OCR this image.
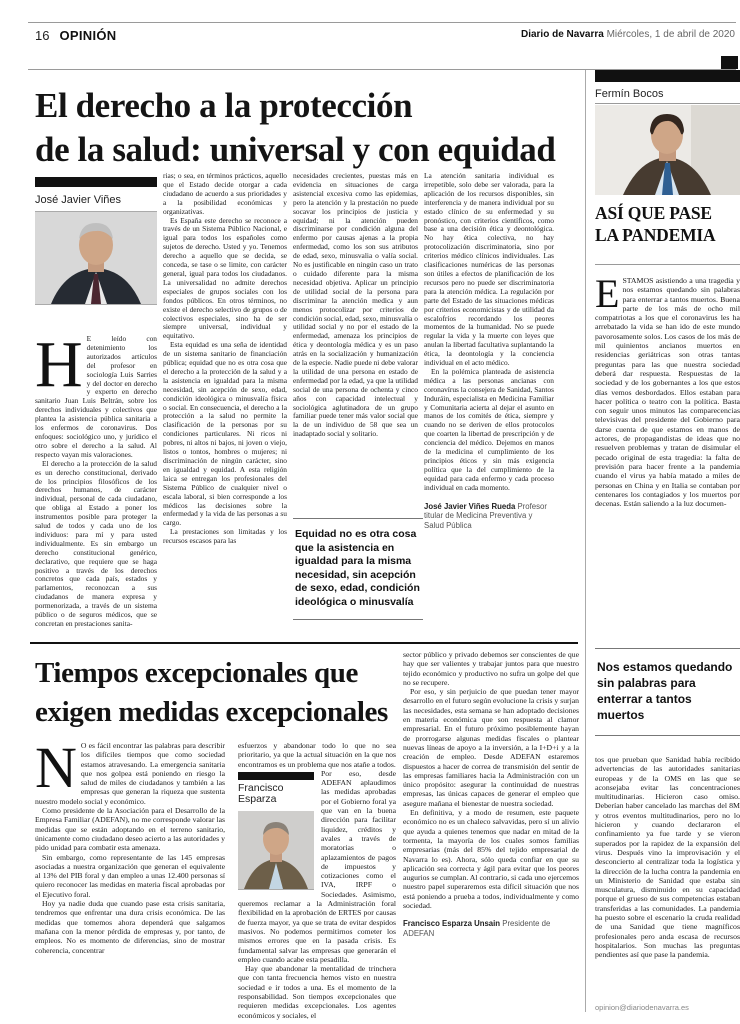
16 OPINIÓN	Diario de Navarra Miércoles, 1 de abril de 2020
El derecho a la protección
de la salud: universal y con equidad
José Javier Viñes
H E leído con detenimiento los autorizados artículos del profesor en sociología Luis Sarries y del doctor en derecho y experto en derecho sanitario Juan Luis Beltrán, sobre los derechos individuales y colectivos que plantea la asistencia pública sanitaria a los enfermos de coronavirus. Dos enfoques: sociológico uno, y jurídico el otro sobre el derecho a la salud. Al respecto vayan mis valoraciones.

El derecho a la protección de la salud es un derecho constitucional, derivado de los principios filosóficos de los derechos humanos, de carácter individual, personal de cada ciudadano, que obliga al Estado a poner los instrumentos posible para proteger la salud de todos y cada uno de los individuos: para mí y para usted individualmente. Es sin embargo un derecho constitucional genérico, declarativo, que requiere que se haga positivo a través de los derechos concretos que cada país, estados y parlamentos, reconozcan a sus ciudadanos de manera expresa y pormenorizada, a través de un sistema público o de seguros médicos, que se concretan en prestaciones sanita-

rias; o sea, en términos prácticos, aquello que el Estado decide otorgar a cada ciudadano de acuerdo a sus prioridades y a la posibilidad económicas y organizativas.

Es España este derecho se reconoce a través de un Sistema Público Nacional, e igual para todos los españoles como sujetos de derecho. Usted y yo. Tenemos derecho a aquello que se decida, se conceda, se tase o se limite, con carácter general, igual para todos los ciudadanos. La universalidad no admite derechos especiales de grupos sociales con los fondos públicos. En otros términos, no existe el derecho selectivo de grupos o de colectivos especiales, sino ha de ser siempre universal, individual y equitativo.

Esta equidad es una seña de identidad de un sistema sanitario de financiación pública; equidad que no es otra cosa que el derecho a la protección de la salud y a la asistencia en igualdad para la misma necesidad, sin acepción de sexo, edad, condición ideológica o minusvalía física o social. En consecuencia, el derecho a la protección a la salud no permite la clasificación de la personas por su condiciones particulares. Ni ricos ni pobres, ni altos ni bajos, ni joven o viejo, listos o tontos, hombres o mujeres; ni discriminación de ningún carácter, sino en igualdad y equidad. A esta religión laica se entregan los profesionales del Sistema Público de cualquier nivel o escala laboral, si bien corresponde a los médicos las decisiones sobre la enfermedad y la vida de las personas a su cargo.

La prestaciones son limitadas y los recursos escasos para las

necesidades crecientes, puestas más en evidencia en situaciones de carga asistencial excesiva como las epidemias, pero la atención y la prestación no puede socavar los principios de justicia y equidad; ni la atención pueden discriminarse por condición alguna del enfermo por causas ajenas a la propia enfermedad, como los son sus atributos de edad, sexo, minusvalia o valía social. No es justificable en ningún caso un trato o cuidado diferente para la misma necesidad objetiva. Aplicar un principio de utilidad social de la persona para discriminar la atención medica y aun menos protocolizar por criterios de condición social, edad, sexo, minusvalía o utilidad social y no por el estado de la enfermedad, amenaza los principios de ética y deontología médica y es un paso atrás en la socialización y humanización de la especie. Nadie puede ni debe valorar la utilidad de una persona en estado de enfermedad por la edad, ya que la utilidad social de una persona de ochenta y cinco años con capacidad intelectual y sociológica aglutinadora de un grupo familiar puede tener más valor social que la de un individuo de 58 que sea un inadaptado social y solitario.

Equidad no es otra cosa que la asistencia en igualdad para la misma necesidad, sin acepción de sexo, edad, condición ideológica o minusvalía

La atención sanitaria individual es irrepetible, solo debe ser valorada, para la aplicación de los recursos disponibles, sin interferencia y de manera individual por su estado clínico de su enfermedad y su pronóstico, con criterios científicos, como base a una decisión ética y deontológica. No hay ética colectiva, no hay protocolización discriminatoria, sino por criterios médico clínicos individuales. Las clasificaciones numéricas de las personas son útiles a efectos de planificación de los recursos pero no puede ser discriminatoria para la atención médica. La regulación por parte del Estado de las situaciones médicas por criterios economicistas y de utilidad da escalofríos recordando los peores momentos de la humanidad. No se puede regular la vida y la muerte con leyes que anulan la libertad facultativa suplantando la ética, la deontología y la conciencia individual en el acto médico.

En la polémica planteada de asistencia médica a las personas ancianas con coronavírus la consejera de Sanidad, Santos Induráin, especialista en Medicina Familiar y Comunitaria acierta al dejar el asunto en manos de los comités de ética, siempre y cuando no se deriven de ellos protocolos que coarten la libertad de prescripción y de conciencia del médico. Dejemos en manos de la medicina el cumplimiento de los principios éticos y sin más exigencia política que la del cumplimiento de la equidad para cada enfermo y cada proceso individual en cada momento.

José Javier Viñes Rueda Profesor titular de Medicina Preventiva y Salud Pública
Tiempos excepcionales que
exigen medidas excepcionales
N O es fácil encontrar las palabras para describir los difíciles tiempos que como sociedad estamos atravesando. La emergencia sanitaria que nos golpea está poniendo en riesgo la salud de miles de ciudadanos y también a las empresas que generan la riqueza que sustenta nuestro modelo social y económico.

Como presidente de la Asociación para el Desarrollo de la Empresa Familiar (ADEFAN), no me corresponde valorar las medidas que se están adoptando en el terreno sanitario, únicamente como ciudadano deseo acierto a las autoridades y pido unidad para combatir esta amenaza.

Sin embargo, como representante de las 145 empresas asociadas a nuestra organización que generan el equivalente al 13% del PIB foral y dan empleo a unas 12.400 personas sí quiero reconocer las medidas en materia fiscal aprobadas por el Ejecutivo foral.

Hoy ya nadie duda que cuando pase esta crisis sanitaria, tendremos que enfrentar una dura crisis económica. De las medidas que tomemos ahora dependerá que salgamos mañana con la menor pérdida de empresas y, por tanto, de empleos. No es momento de diferencias, sino de mostrar coherencia, concentrar

esfuerzos y abandonar todo lo que no sea prioritario, ya que la actual situación en la que nos encontramos es un problema que nos atañe a todos.

Francisco
Esparza

Por eso, desde ADEFAN aplaudimos las medidas aprobadas por el Gobierno foral ya que van en la buena dirección para facilitar liquidez, créditos y avales a través de moratorias o aplazamientos de pagos de impuestos y cotizaciones como el IVA, IRPF o Sociedades. Asimismo, queremos reclamar a la Administración foral flexibilidad en la aprobación de ERTES por causas de fuerza mayor, ya que se trata de evitar despidos masivos. No podemos permitirnos cometer los mismos errores que en la pasada crisis. Es fundamental salvar las empresas que generarán el empleo cuando acabe esta pesadilla.

Hay que abandonar la mentalidad de trinchera que con tanta frecuencia hemos visto en nuestra sociedad e ir todos a una. Es el momento de la responsabilidad. Son tiempos excepcionales que requieren medidas excepcionales. Los agentes económicos y sociales, el

sector público y privado debemos ser conscientes de que hay que ser valientes y trabajar juntos para que nuestro tejido económico y productivo no sufra un golpe del que no se recupere.

Por eso, y sin perjuicio de que puedan tener mayor desarrollo en el futuro según evolucione la crisis y surjan las necesidades, esta semana se han adoptado decisiones en materia económica que son respuesta al clamor empresarial. En el futuro próximo posiblemente hayan de prorrogarse algunas medidas fiscales o plantear nuevas líneas de apoyo a la inversión, a la I+D+i y a la creación de empleo. Desde ADEFAN estaremos dispuestos a hacer de correa de transmisión del sentir de las empresas familiares hacia la Administración con un único propósito: asegurar la continuidad de nuestras empresas, las únicas capaces de generar el empleo que asegure mañana el bienestar de nuestra sociedad.

En definitiva, y a modo de resumen, este paquete económico no es un chaleco salvavidas, pero sí un alivio que ayuda a quienes tenemos que nadar en mitad de la tormenta, la mayoría de los cuales somos familias empresarias (más del 85% del tejido empresarial de Navarra lo es). Ahora, sólo queda confiar en que su aplicación sea correcta y ágil para evitar que los peores augurios se cumplan. Al contrario, si cada uno ejercemos nuestro papel superaremos esta difícil situación que nos está poniendo a prueba a todos, individualmente y como sociedad.

Francisco Esparza Unsain Presidente de ADEFAN
Fermín Bocos
ASÍ QUE PASE
LA PANDEMIA
E STAMOS asistiendo a una tragedia y nos estamos quedando sin palabras para enterrar a tantos muertos. Buena parte de los más de ocho mil compatriotas a los que el coronavirus les ha arrebatado la vida se han ido de este mundo pavorosamente solos. Los casos de los más de mil quinientos ancianos muertos en residencias geriátricas son otras tantas preguntas para las que nuestra sociedad deberá dar respuesta. Respuestas de la sociedad y de los gobernantes a los que estos días vemos desbordados. Ellos estaban para hacer política o teatro con la política. Basta con seguir unos minutos las comparecencias televisivas del presidente del Gobierno para darse cuenta de que estamos en manos de actores, de propagandistas de ideas que no resuelven problemas y tratan de disimular el pecado original de esta tragedia: la falta de previsión para hacer frente a la pandemia cuando el virus ya había matado a miles de personas en China y en Italia se contaban por centenares los contagiados y los muertos por decenas. Están saliendo a la luz documen-

Nos estamos quedando sin palabras para enterrar a tantos muertos

tos que prueban que Sanidad había recibido advertencias de las autoridades sanitarias europeas y de la OMS en las que se aconsejaba evitar las concentraciones multitudinarias. Hicieron caso omiso. Deberían haber cancelado las marchas del 8M y otros eventos multitudinarios, pero no lo hicieron y cuando declararon el confinamiento ya fue tarde y se vieron superados por la rapidez de la expansión del virus. Después vino la improvisación y el desconcierto al centralizar toda la logística y la dirección de la lucha contra la pandemia en un Ministerio de Sanidad que estaba sin musculatura, disminuido en su capacidad porque el grueso de sus competencias estaban transferidas a las comunidades. La pandemia ha puesto sobre el escenario la cruda realidad de una Sanidad que tiene magníficos profesionales pero anda escasa de recursos hospitalarios. Son muchas las preguntas pendientes así que pase la pandemia.

opinion@diariodenavarra.es
